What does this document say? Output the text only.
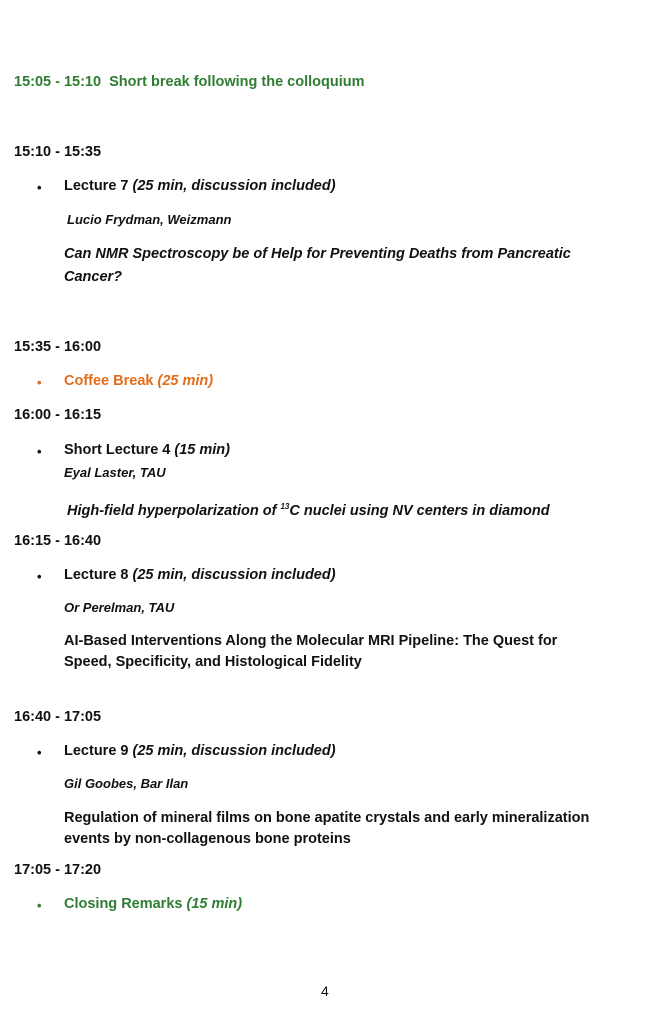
15:05 - 15:10 Short break following the colloquium
15:10 - 15:35
• Lecture 7 (25 min, discussion included)
Lucio Frydman, Weizmann
Can NMR Spectroscopy be of Help for Preventing Deaths from Pancreatic
Cancer?
15:35 - 16:00
• Coffee Break (25 min)
16:00 - 16:15
• Short Lecture 4 (15 min)
Eyal Laster, TAU
High-field hyperpolarization of $^{13}$C nuclei using NV centers in diamond
16:15 - 16:40
• Lecture 8 (25 min, discussion included)
Or Perelman, TAU
AI-Based Interventions Along the Molecular MRI Pipeline: The Quest for
Speed, Specificity, and Histological Fidelity
16:40 - 17:05
• Lecture 9 (25 min, discussion included)
Gil Goobes, Bar Ilan
Regulation of mineral films on bone apatite crystals and early mineralization
events by non-collagenous bone proteins
17:05 - 17:20
• Closing Remarks (15 min)
4
